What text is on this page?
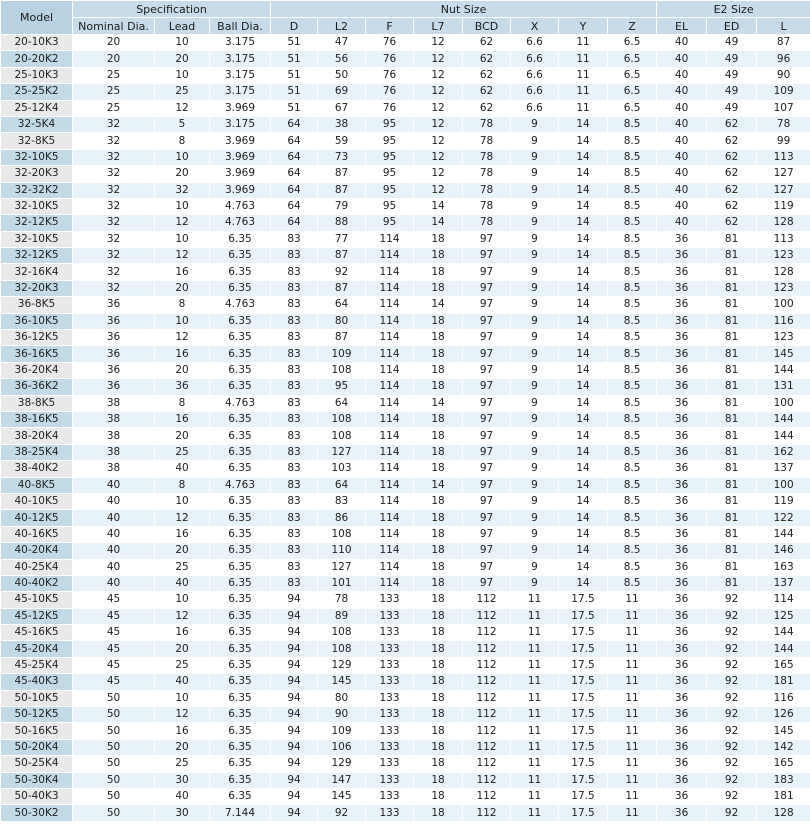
Model	Specification			Nut Size								E2 Size		
	Nominal Dia.	Lead	Ball Dia.	D	L2	F	L7	BCD	X	Y	Z	EL	ED	L
20-10K3	20	10	3.175	51	47	76	12	62	6.6	11	6.5	40	49	87
20-20K2	20	20	3.175	51	56	76	12	62	6.6	11	6.5	40	49	96
25-10K3	25	10	3.175	51	50	76	12	62	6.6	11	6.5	40	49	90
25-25K2	25	25	3.175	51	69	76	12	62	6.6	11	6.5	40	49	109
25-12K4	25	12	3.969	51	67	76	12	62	6.6	11	6.5	40	49	107
32-5K4	32	5	3.175	64	38	95	12	78	9	14	8.5	40	62	78
32-8K5	32	8	3.969	64	59	95	12	78	9	14	8.5	40	62	99
32-10K5	32	10	3.969	64	73	95	12	78	9	14	8.5	40	62	113
32-20K3	32	20	3.969	64	87	95	12	78	9	14	8.5	40	62	127
32-32K2	32	32	3.969	64	87	95	12	78	9	14	8.5	40	62	127
32-10K5	32	10	4.763	64	79	95	14	78	9	14	8.5	40	62	119
32-12K5	32	12	4.763	64	88	95	14	78	9	14	8.5	40	62	128
32-10K5	32	10	6.35	83	77	114	18	97	9	14	8.5	36	81	113
32-12K5	32	12	6.35	83	87	114	18	97	9	14	8.5	36	81	123
32-16K4	32	16	6.35	83	92	114	18	97	9	14	8.5	36	81	128
32-20K3	32	20	6.35	83	87	114	18	97	9	14	8.5	36	81	123
36-8K5	36	8	4.763	83	64	114	14	97	9	14	8.5	36	81	100
36-10K5	36	10	6.35	83	80	114	18	97	9	14	8.5	36	81	116
36-12K5	36	12	6.35	83	87	114	18	97	9	14	8.5	36	81	123
36-16K5	36	16	6.35	83	109	114	18	97	9	14	8.5	36	81	145
36-20K4	36	20	6.35	83	108	114	18	97	9	14	8.5	36	81	144
36-36K2	36	36	6.35	83	95	114	18	97	9	14	8.5	36	81	131
38-8K5	38	8	4.763	83	64	114	14	97	9	14	8.5	36	81	100
38-16K5	38	16	6.35	83	108	114	18	97	9	14	8.5	36	81	144
38-20K4	38	20	6.35	83	108	114	18	97	9	14	8.5	36	81	144
38-25K4	38	25	6.35	83	127	114	18	97	9	14	8.5	36	81	162
38-40K2	38	40	6.35	83	103	114	18	97	9	14	8.5	36	81	137
40-8K5	40	8	4.763	83	64	114	14	97	9	14	8.5	36	81	100
40-10K5	40	10	6.35	83	83	114	18	97	9	14	8.5	36	81	119
40-12K5	40	12	6.35	83	86	114	18	97	9	14	8.5	36	81	122
40-16K5	40	16	6.35	83	108	114	18	97	9	14	8.5	36	81	144
40-20K4	40	20	6.35	83	110	114	18	97	9	14	8.5	36	81	146
40-25K4	40	25	6.35	83	127	114	18	97	9	14	8.5	36	81	163
40-40K2	40	40	6.35	83	101	114	18	97	9	14	8.5	36	81	137
45-10K5	45	10	6.35	94	78	133	18	112	11	17.5	11	36	92	114
45-12K5	45	12	6.35	94	89	133	18	112	11	17.5	11	36	92	125
45-16K5	45	16	6.35	94	108	133	18	112	11	17.5	11	36	92	144
45-20K4	45	20	6.35	94	108	133	18	112	11	17.5	11	36	92	144
45-25K4	45	25	6.35	94	129	133	18	112	11	17.5	11	36	92	165
45-40K3	45	40	6.35	94	145	133	18	112	11	17.5	11	36	92	181
50-10K5	50	10	6.35	94	80	133	18	112	11	17.5	11	36	92	116
50-12K5	50	12	6.35	94	90	133	18	112	11	17.5	11	36	92	126
50-16K5	50	16	6.35	94	109	133	18	112	11	17.5	11	36	92	145
50-20K4	50	20	6.35	94	106	133	18	112	11	17.5	11	36	92	142
50-25K4	50	25	6.35	94	129	133	18	112	11	17.5	11	36	92	165
50-30K4	50	30	6.35	94	147	133	18	112	11	17.5	11	36	92	183
50-40K3	50	40	6.35	94	145	133	18	112	11	17.5	11	36	92	181
50-30K2	50	30	7.144	94	92	133	18	112	11	17.5	11	36	92	128
